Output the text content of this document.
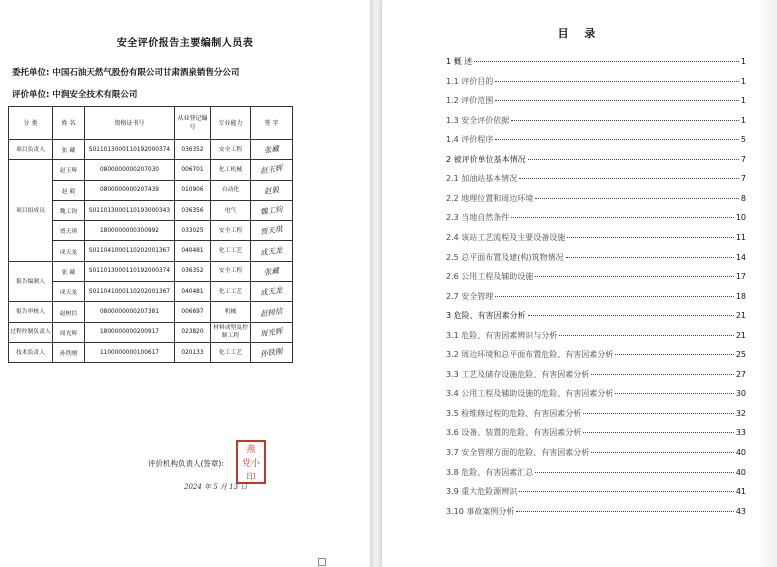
安全评价报告主要编制人员表
委托单位: 中国石油天然气股份有限公司甘肃酒泉销售分公司
评价单位: 中润安全技术有限公司
分 类	姓 名	资格证书号	从业登记编号	专业能力	签 字
项目负责人	张 藏	S011013000110192000374	036352	安全工程	张藏
项目组成员	赵玉辉	0800000000207030	006701	化工机械	赵玉辉
	赵 毅	0800000000207439	010906	自动化	赵毅
	魏工钧	S011013000110193000343	036356	电气	魏工钧
	贾天琪	1800000000300992	033025	安全工程	贾天琪
	成天龙	S011041000110202001367	040481	化工工艺	成天龙
报告编制人	张 藏	S011013000110192000374	036352	安全工程	张藏
	成天龙	S011041000110202001367	040481	化工工艺	成天龙
报告审核人	赵树信	0800000000207381	006697	机械	赵树信
过程控制负责人	周光辉	1800000000200917	023820	材料成型及控制工程	周光辉
技术负责人	孙铁刚	1100000000100617	020133	化工工艺	孙铁刚
评价机构负责人(签章):
燕
党小
印
2024 年 5 月 13 日
目 录
1 概 述	1
1.1 评价目的	1
1.2 评价范围	1
1.3 安全评价依据	1
1.4 评价程序	5
2 被评价单位基本情况	7
2.1 加油站基本情况	7
2.2 地理位置和周边环境	8
2.3 当地自然条件	10
2.4 该站工艺流程及主要设备设施	11
2.5 总平面布置及建(构)筑物情况	14
2.6 公用工程及辅助设施	17
2.7 安全管理	18
3 危险、有害因素分析	21
3.1 危险、有害因素辨识与分析	21
3.2 周边环境和总平面布置危险、有害因素分析	25
3.3 工艺及储存设施危险、有害因素分析	27
3.4 公用工程及辅助设施的危险、有害因素分析	30
3.5 检维修过程的危险、有害因素分析	32
3.6 设备、装置的危险、有害因素分析	33
3.7 安全管理方面的危险、有害因素分析	40
3.8 危险、有害因素汇总	40
3.9 重大危险源辨识	41
3.10 事故案例分析	43
